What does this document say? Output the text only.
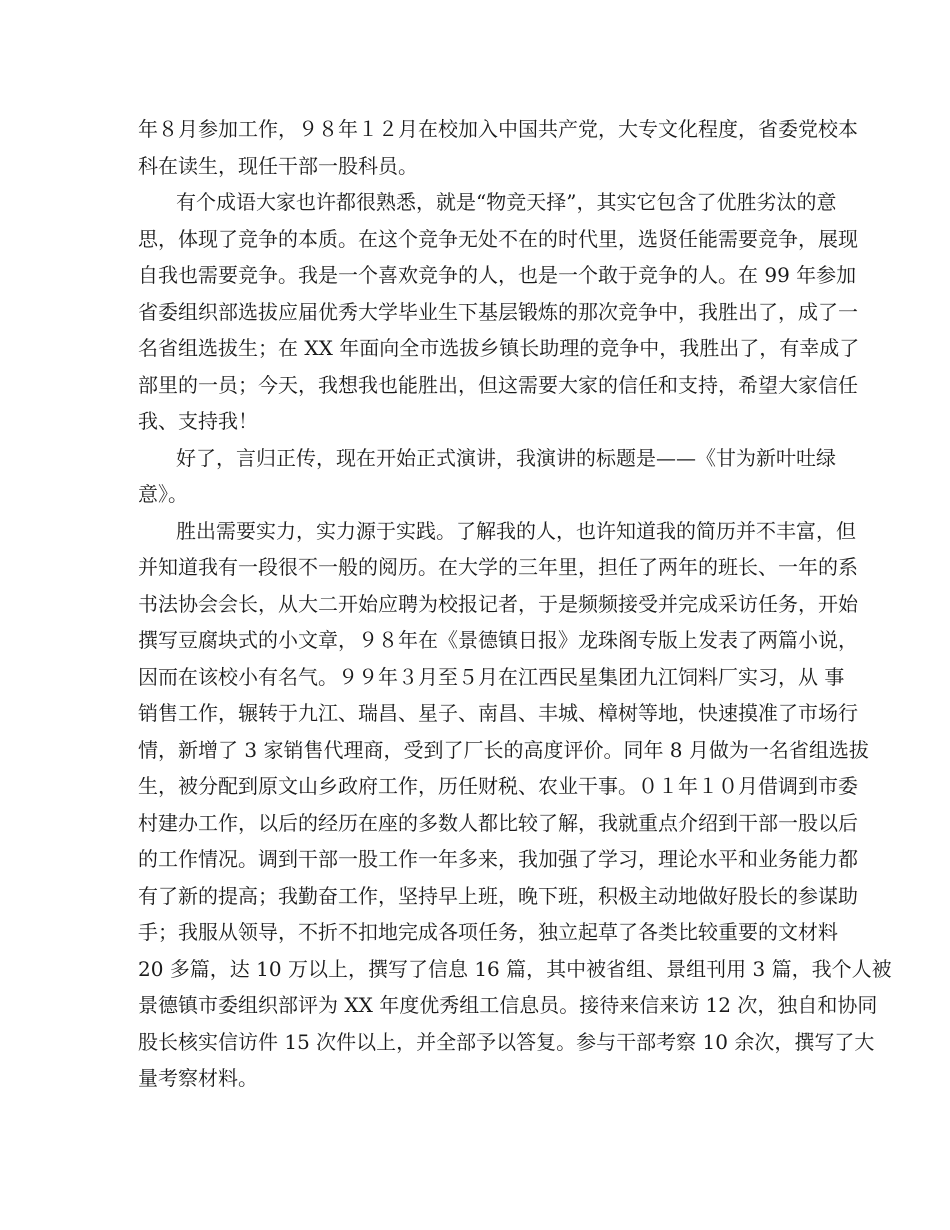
年８月参加工作，９８年１２月在校加入中国共产党，大专文化程度，省委党校本
科在读生，现任干部一股科员。
有个成语大家也许都很熟悉，就是“物竞天择”，其实它包含了优胜劣汰的意
思，体现了竞争的本质。在这个竞争无处不在的时代里，选贤任能需要竞争，展现
自我也需要竞争。我是一个喜欢竞争的人，也是一个敢于竞争的人。在 99 年参加
省委组织部选拔应届优秀大学毕业生下基层锻炼的那次竞争中，我胜出了，成了一
名省组选拔生；在 XX 年面向全市选拔乡镇长助理的竞争中，我胜出了，有幸成了
部里的一员；今天，我想我也能胜出，但这需要大家的信任和支持，希望大家信任
我、支持我！
好了，言归正传，现在开始正式演讲，我演讲的标题是——《甘为新叶吐绿
意》。
胜出需要实力，实力源于实践。了解我的人，也许知道我的简历并不丰富，但
并知道我有一段很不一般的阅历。在大学的三年里，担任了两年的班长、一年的系
书法协会会长，从大二开始应聘为校报记者，于是频频接受并完成采访任务，开始
撰写豆腐块式的小文章，９８年在《景德镇日报》龙珠阁专版上发表了两篇小说，
因而在该校小有名气。９９年３月至５月在江西民星集团九江饲料厂实习，从 事
销售工作，辗转于九江、瑞昌、星子、南昌、丰城、樟树等地，快速摸准了市场行
情，新增了 3 家销售代理商，受到了厂长的高度评价。同年 8 月做为一名省组选拔
生，被分配到原文山乡政府工作，历任财税、农业干事。０１年１０月借调到市委
村建办工作，以后的经历在座的多数人都比较了解，我就重点介绍到干部一股以后
的工作情况。调到干部一股工作一年多来，我加强了学习，理论水平和业务能力都
有了新的提高；我勤奋工作，坚持早上班，晚下班，积极主动地做好股长的参谋助
手；我服从领导，不折不扣地完成各项任务，独立起草了各类比较重要的文材料
20 多篇，达 10 万以上，撰写了信息 16 篇，其中被省组、景组刊用 3 篇，我个人被
景德镇市委组织部评为 XX 年度优秀组工信息员。接待来信来访 12 次，独自和协同
股长核实信访件 15 次件以上，并全部予以答复。参与干部考察 10 余次，撰写了大
量考察材料。
